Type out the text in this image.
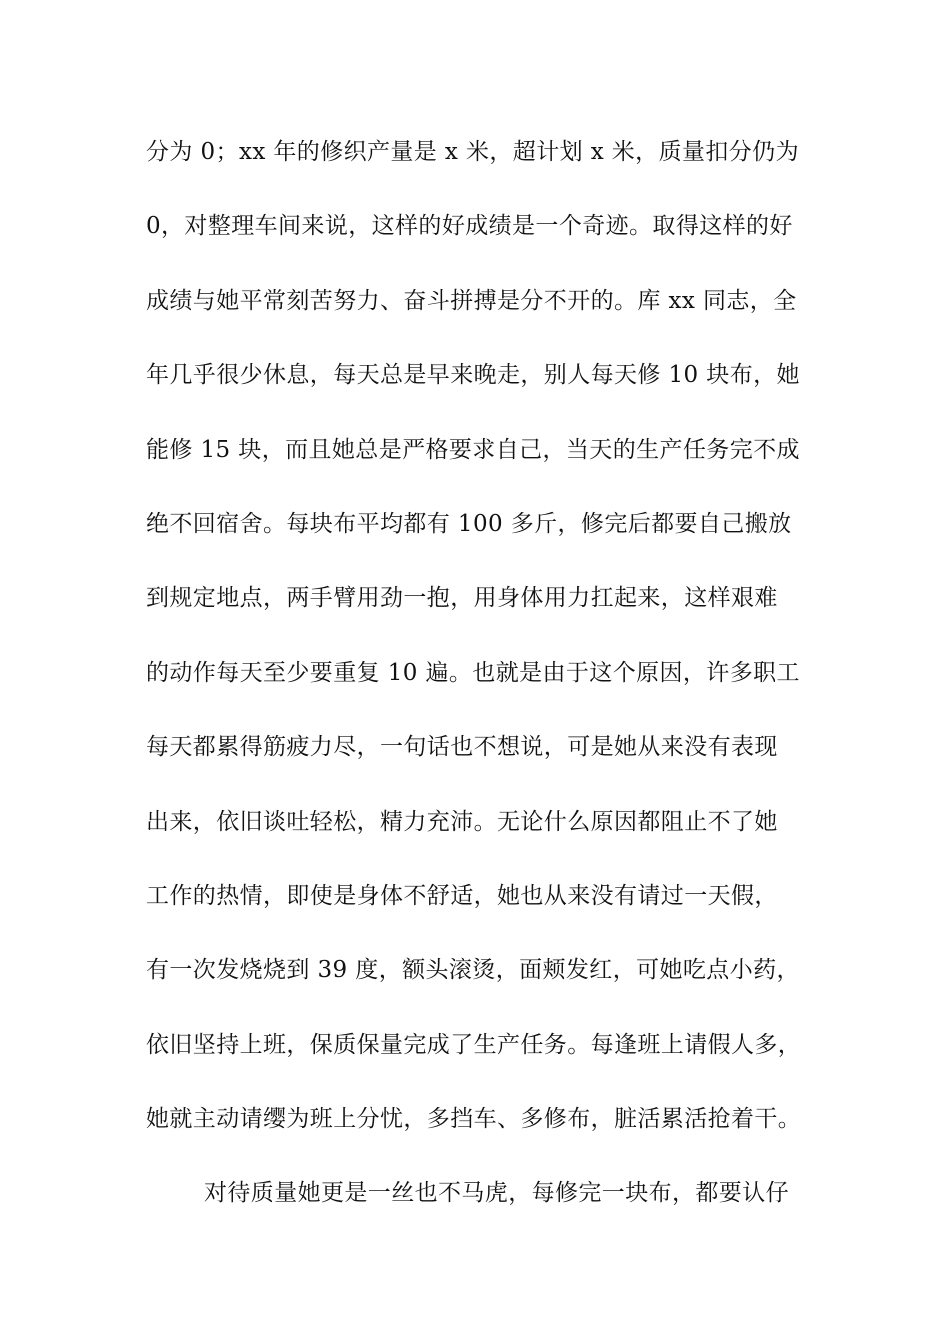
分为 0；xx 年的修织产量是 x 米，超计划 x 米，质量扣分仍为
0，对整理车间来说，这样的好成绩是一个奇迹。取得这样的好
成绩与她平常刻苦努力、奋斗拼搏是分不开的。库 xx 同志，全
年几乎很少休息，每天总是早来晚走，别人每天修 10 块布，她
能修 15 块，而且她总是严格要求自己，当天的生产任务完不成
绝不回宿舍。每块布平均都有 100 多斤，修完后都要自己搬放
到规定地点，两手臂用劲一抱，用身体用力扛起来，这样艰难
的动作每天至少要重复 10 遍。也就是由于这个原因，许多职工
每天都累得筋疲力尽，一句话也不想说，可是她从来没有表现
出来，依旧谈吐轻松，精力充沛。无论什么原因都阻止不了她
工作的热情，即使是身体不舒适，她也从来没有请过一天假，
有一次发烧烧到 39 度，额头滚烫，面颊发红，可她吃点小药，
依旧坚持上班，保质保量完成了生产任务。每逢班上请假人多，
她就主动请缨为班上分忧，多挡车、多修布，脏活累活抢着干。
对待质量她更是一丝也不马虎，每修完一块布，都要认仔
